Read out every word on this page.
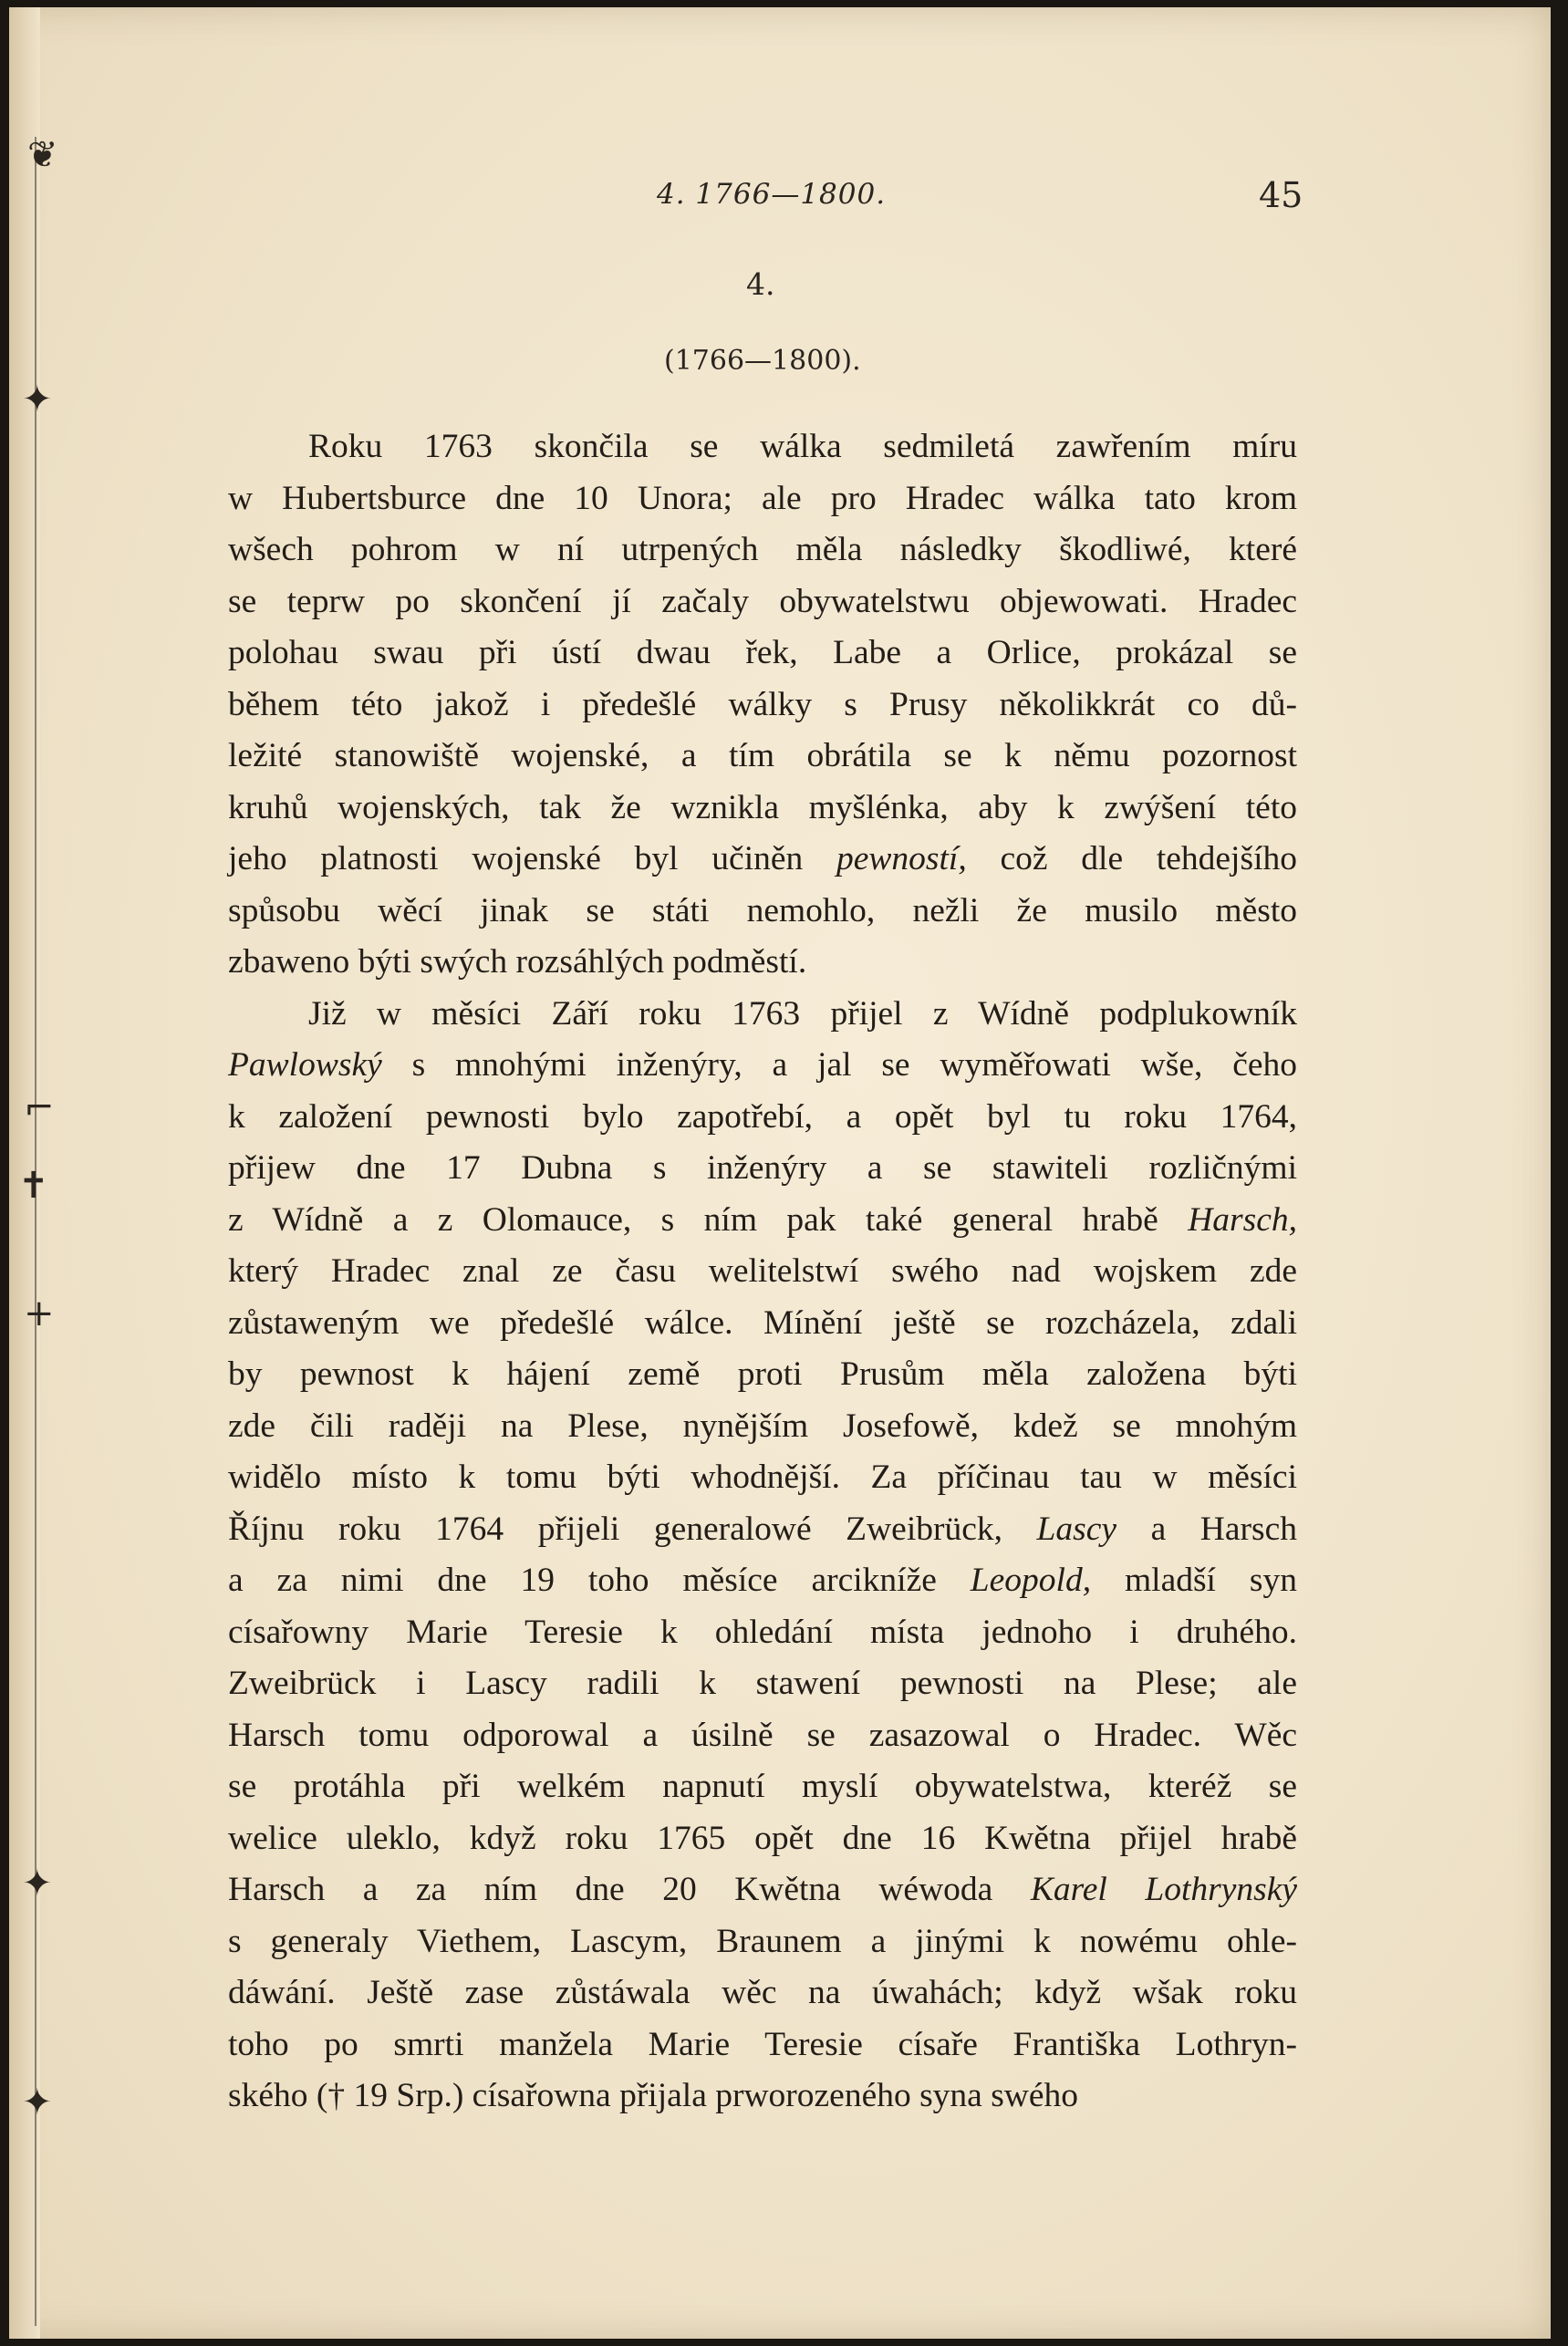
❦
✦
⌐
✝
+
✦
✦
4. 1766—1800.	45
4.
(1766—1800).
Roku 1763 skončila se wálka sedmiletá zawřením míru
w Hubertsburce dne 10 Unora; ale pro Hradec wálka tato krom
wšech pohrom w ní utrpených měla následky škodliwé, které
se teprw po skončení jí začaly obywatelstwu objewowati. Hradec
polohau swau při ústí dwau řek, Labe a Orlice, prokázal se
během této jakož i předešlé wálky s Prusy několikkrát co dů-
ležité stanowiště wojenské, a tím obrátila se k němu pozornost
kruhů wojenských, tak že wznikla myšlénka, aby k zwýšení této
jeho platnosti wojenské byl učiněn pewností, což dle tehdejšího
spůsobu wěcí jinak se státi nemohlo, nežli že musilo město
zbaweno býti swých rozsáhlých podměstí.
Již w měsíci Září roku 1763 přijel z Wídně podplukowník
Pawlowský s mnohými inženýry, a jal se wyměřowati wše, čeho
k založení pewnosti bylo zapotřebí, a opět byl tu roku 1764,
přijew dne 17 Dubna s inženýry a se stawiteli rozličnými
z Wídně a z Olomauce, s ním pak také general hrabě Harsch,
který Hradec znal ze času welitelstwí swého nad wojskem zde
zůstaweným we předešlé wálce. Mínění ještě se rozcházela, zdali
by pewnost k hájení země proti Prusům měla založena býti
zde čili raději na Plese, nynějším Josefowě, kdež se mnohým
widělo místo k tomu býti whodnější. Za příčinau tau w měsíci
Říjnu roku 1764 přijeli generalowé Zweibrück, Lascy a Harsch
a za nimi dne 19 toho měsíce arcikníže Leopold, mladší syn
císařowny Marie Teresie k ohledání místa jednoho i druhého.
Zweibrück i Lascy radili k stawení pewnosti na Plese; ale
Harsch tomu odporowal a úsilně se zasazowal o Hradec. Wěc
se protáhla při welkém napnutí myslí obywatelstwa, kteréž se
welice ulekl​o, když roku 1765 opět dne 16 Kwětna přijel hrabě
Harsch a za ním dne 20 Kwětna wéwoda Karel Lothrynský
s generaly Viethem, Lascym, Braunem a jinými k nowému ohle-
dáwání. Ještě zase zůstáwala wěc na úwahách; když wšak roku
toho po smrti manžela Marie Teresie císaře Františka Lothryn-
ského († 19 Srp.) císařowna přijala prworozeného syna swého
